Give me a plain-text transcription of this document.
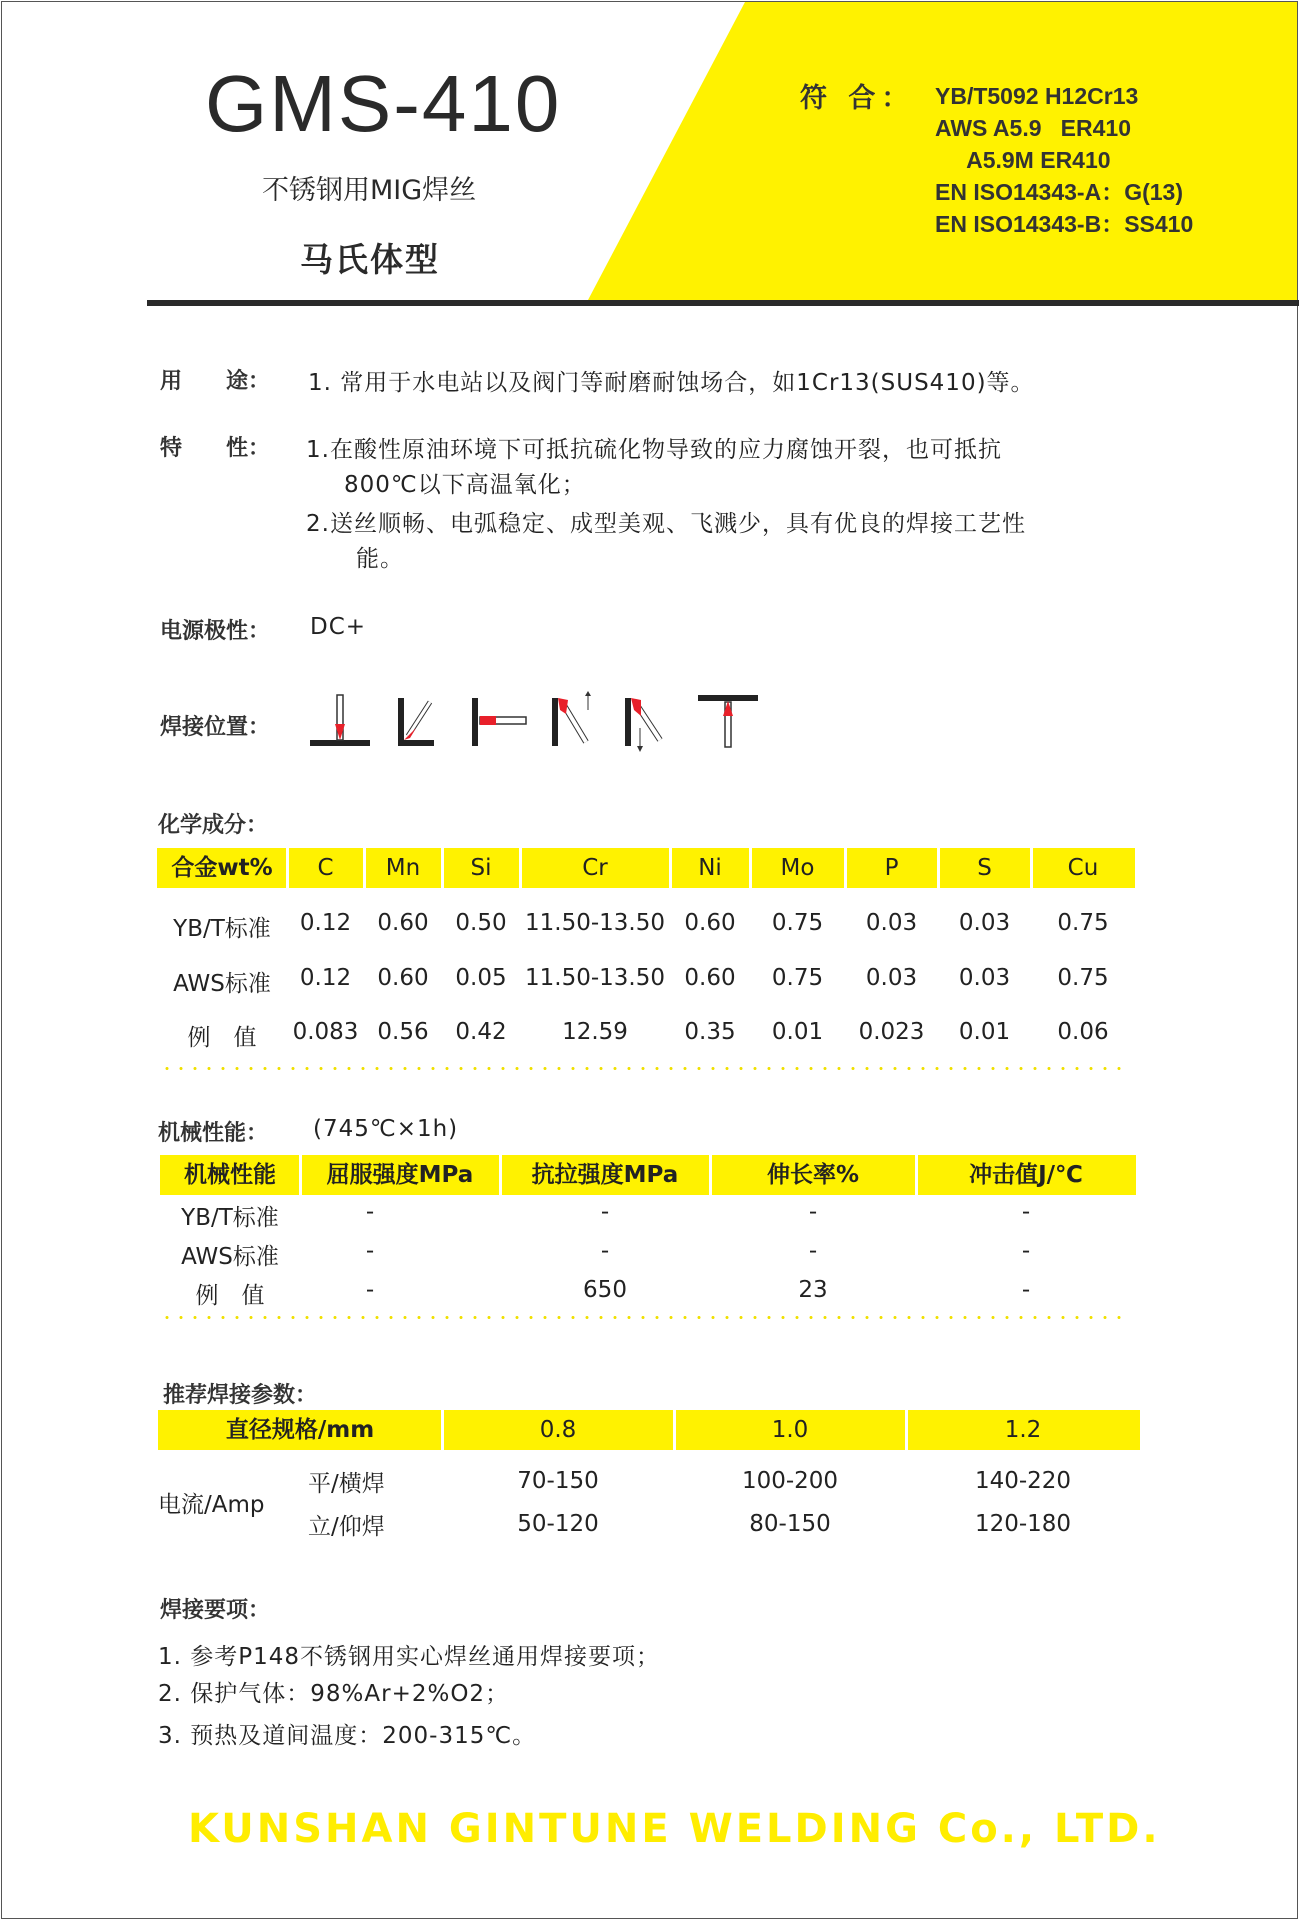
GMS-410
不锈钢用MIG焊丝
马氏体型
符 合： YB/T5092 H12Cr13
AWS A5.9   ER410
A5.9M ER410
EN ISO14343-A：G(13)
EN ISO14343-B：SS410
用　　途： 1. 常用于水电站以及阀门等耐磨耐蚀场合，如1Cr13(SUS410)等。
特　　性： 1.在酸性原油环境下可抵抗硫化物导致的应力腐蚀开裂，也可抵抗
800℃以下高温氧化；
2.送丝顺畅、电弧稳定、成型美观、飞溅少，具有优良的焊接工艺性
能。
电源极性： DC+
焊接位置：
化学成分：
合金wt%	C	Mn	Si	Cr	Ni	Mo	P	S	Cu
YB/T标准	0.12	0.60	0.50 11.50-13.50 0.60	0.75	0.03	0.03	0.75
AWS标准	0.12	0.60	0.05 11.50-13.50 0.60	0.75	0.03	0.03	0.75
例　值	0.083 0.56	0.42	12.59	0.35	0.01	0.023	0.01	0.06
机械性能： (745℃×1h)
机械性能	屈服强度MPa	抗拉强度MPa	伸长率%	冲击值J/℃
YB/T标准	-	-	-	-
AWS标准	-	-	-	-
例　值	-	650	23	-
推荐焊接参数：
直径规格/mm	0.8	1.0	1.2
电流/Amp
平/横焊	70-150	100-200	140-220
立/仰焊	50-120	80-150	120-180
焊接要项：
1. 参考P148不锈钢用实心焊丝通用焊接要项；
2. 保护气体：98%Ar+2%O2；
3. 预热及道间温度：200-315℃。
KUNSHAN GINTUNE WELDING Co., LTD.
